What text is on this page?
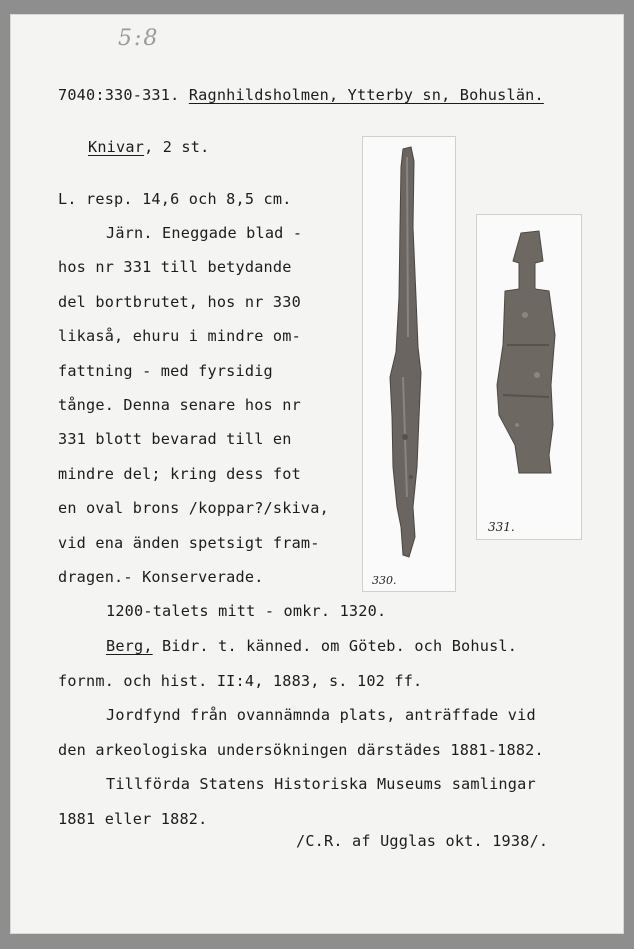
5:8
7040:330-331. Ragnhildsholmen, Ytterby sn, Bohuslän.
Knivar, 2 st.
L. resp. 14,6 och 8,5 cm.
Järn. Eneggade blad -
hos nr 331 till betydande
del bortbrutet, hos nr 330
likaså, ehuru i mindre om-
fattning - med fyrsidig
tånge. Denna senare hos nr
331 blott bevarad till en
mindre del; kring dess fot
en oval brons /koppar?/skiva,
vid ena änden spetsigt fram-
dragen.- Konserverade.	330.
331.
1200-talets mitt - omkr. 1320.
Berg, Bidr. t. känned. om Göteb. och Bohusl.
fornm. och hist. II:4, 1883, s. 102 ff.
Jordfynd från ovannämnda plats, anträffade vid
den arkeologiska undersökningen därstädes 1881-1882.
Tillförda Statens Historiska Museums samlingar
1881 eller 1882.
/C.R. af Ugglas okt. 1938/.
